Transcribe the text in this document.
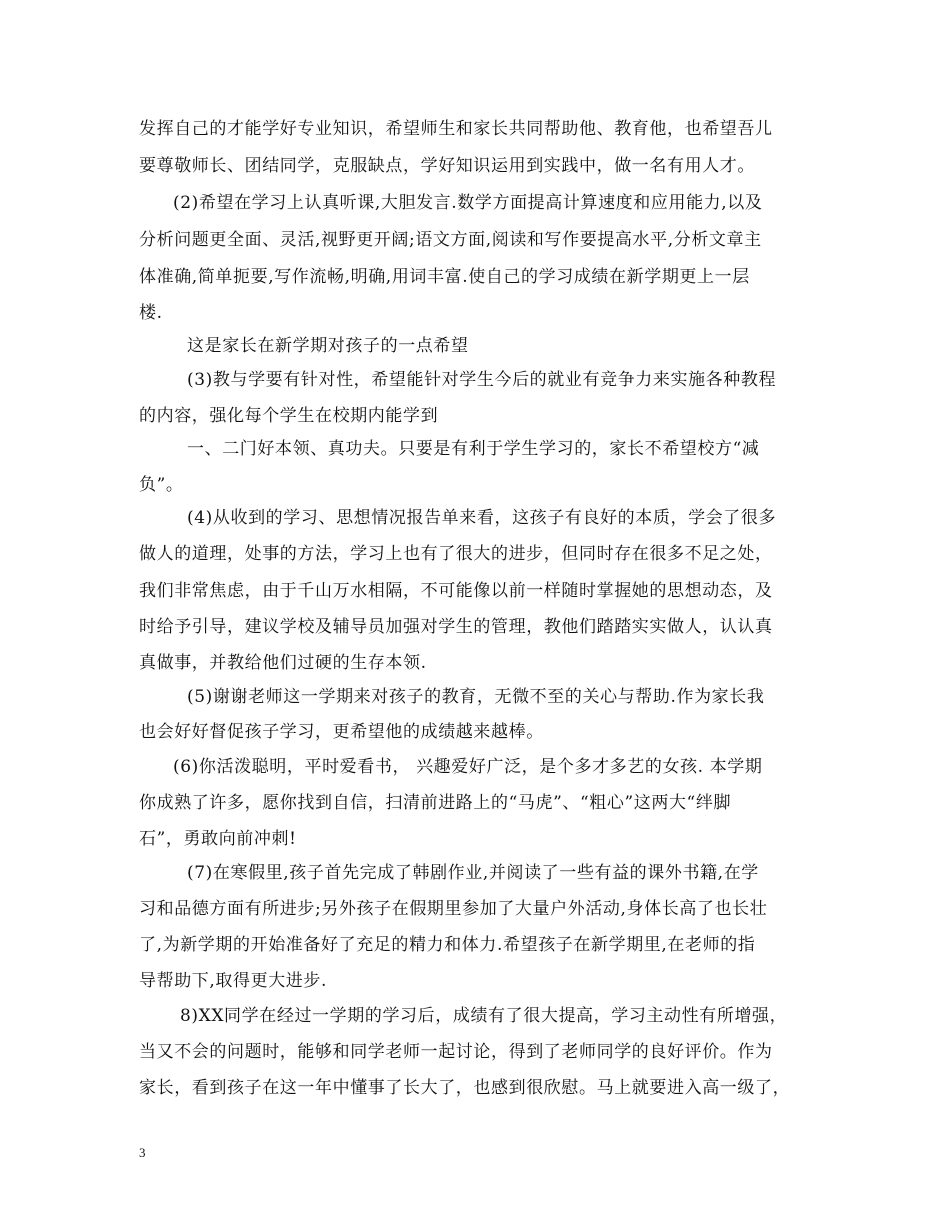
发挥自己的才能学好专业知识，希望师生和家长共同帮助他、教育他，也希望吾儿
要尊敬师长、团结同学，克服缺点，学好知识运用到实践中，做一名有用人才。
(2)希望在学习上认真听课,大胆发言.数学方面提高计算速度和应用能力,以及
分析问题更全面、灵活,视野更开阔;语文方面,阅读和写作要提高水平,分析文章主
体准确,简单扼要,写作流畅,明确,用词丰富.使自己的学习成绩在新学期更上一层
楼.
这是家长在新学期对孩子的一点希望
(3)教与学要有针对性，希望能针对学生今后的就业有竞争力来实施各种教程
的内容，强化每个学生在校期内能学到
一、二门好本领、真功夫。只要是有利于学生学习的，家长不希望校方“减
负”。
(4)从收到的学习、思想情况报告单来看，这孩子有良好的本质，学会了很多
做人的道理，处事的方法，学习上也有了很大的进步，但同时存在很多不足之处，
我们非常焦虑，由于千山万水相隔，不可能像以前一样随时掌握她的思想动态，及
时给予引导，建议学校及辅导员加强对学生的管理，教他们踏踏实实做人，认认真
真做事，并教给他们过硬的生存本领.
(5)谢谢老师这一学期来对孩子的教育，无微不至的关心与帮助.作为家长我
也会好好督促孩子学习，更希望他的成绩越来越棒。
(6)你活泼聪明，平时爱看书， 兴趣爱好广泛，是个多才多艺的女孩. 本学期
你成熟了许多，愿你找到自信，扫清前进路上的“马虎”、“粗心”这两大“绊脚
石”，勇敢向前冲刺!
(7)在寒假里,孩子首先完成了韩剧作业,并阅读了一些有益的课外书籍,在学
习和品德方面有所进步;另外孩子在假期里参加了大量户外活动,身体长高了也长壮
了,为新学期的开始准备好了充足的精力和体力.希望孩子在新学期里,在老师的指
导帮助下,取得更大进步.
8)XX同学在经过一学期的学习后，成绩有了很大提高，学习主动性有所增强，
当又不会的问题时，能够和同学老师一起讨论，得到了老师同学的良好评价。作为
家长，看到孩子在这一年中懂事了长大了，也感到很欣慰。马上就要进入高一级了，
3
